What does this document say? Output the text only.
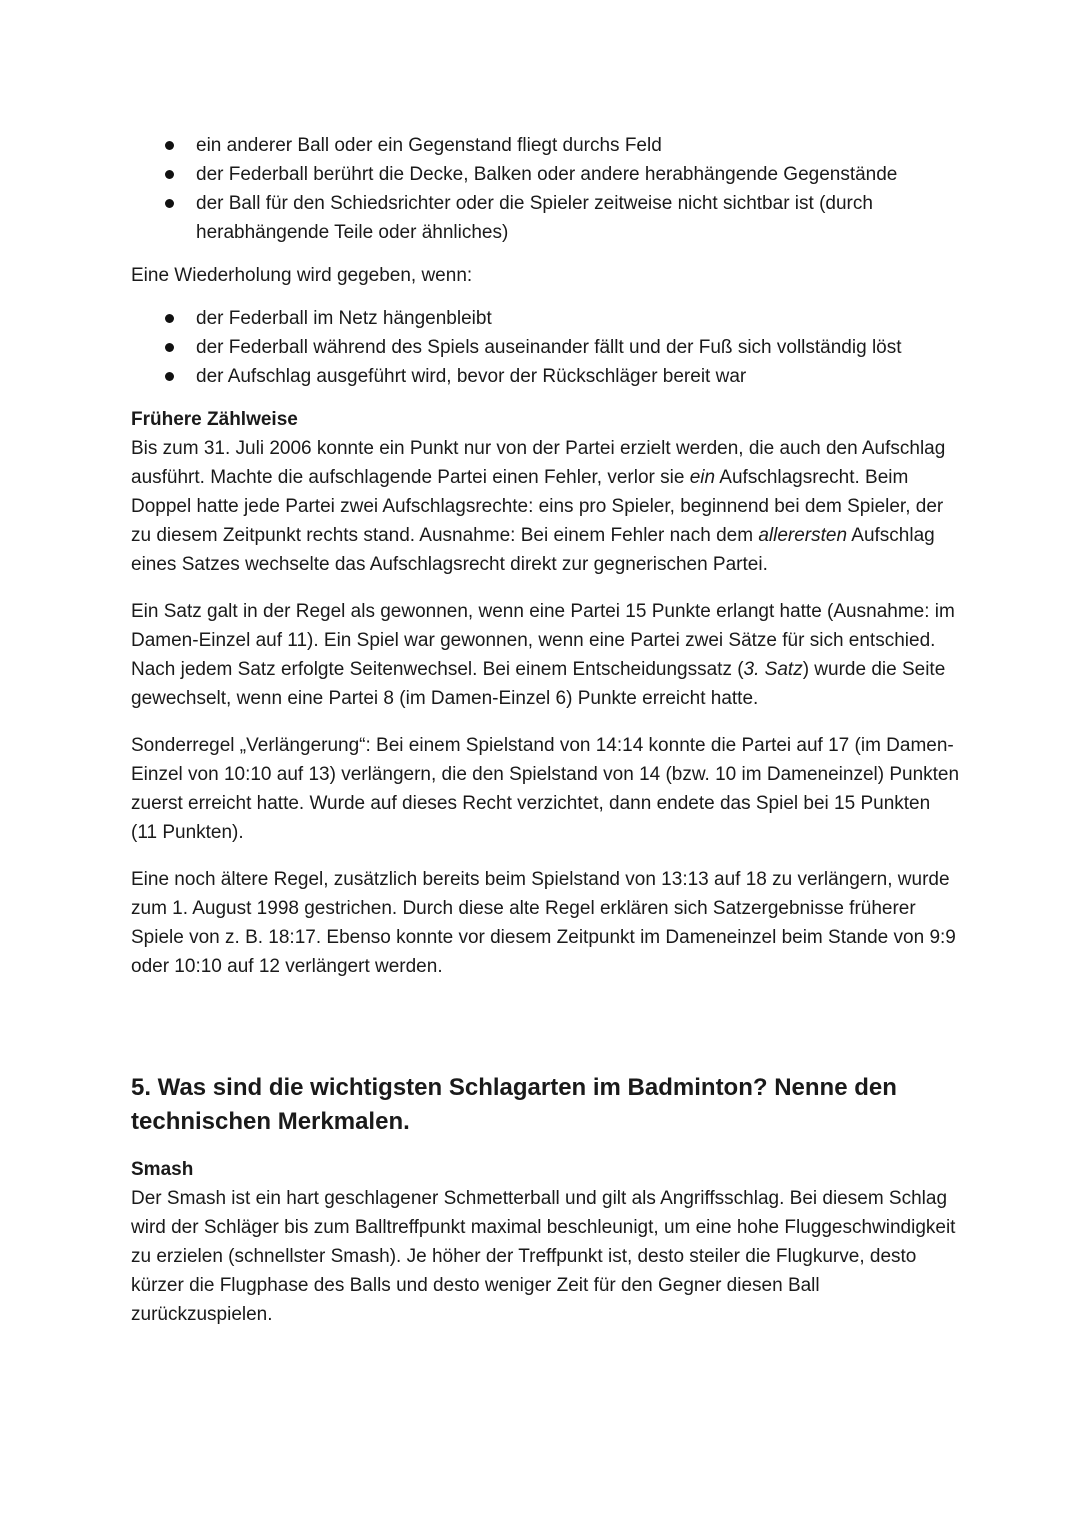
ein anderer Ball oder ein Gegenstand fliegt durchs Feld
der Federball berührt die Decke, Balken oder andere herabhängende Gegenstände
der Ball für den Schiedsrichter oder die Spieler zeitweise nicht sichtbar ist (durch herabhängende Teile oder ähnliches)

Eine Wiederholung wird gegeben, wenn:

der Federball im Netz hängenbleibt
der Federball während des Spiels auseinander fällt und der Fuß sich vollständig löst
der Aufschlag ausgeführt wird, bevor der Rückschläger bereit war

Frühere Zählweise

Bis zum 31. Juli 2006 konnte ein Punkt nur von der Partei erzielt werden, die auch den Aufschlag ausführt. Machte die aufschlagende Partei einen Fehler, verlor sie ein Aufschlagsrecht. Beim Doppel hatte jede Partei zwei Aufschlagsrechte: eins pro Spieler, beginnend bei dem Spieler, der zu diesem Zeitpunkt rechts stand. Ausnahme: Bei einem Fehler nach dem allerersten Aufschlag eines Satzes wechselte das Aufschlagsrecht direkt zur gegnerischen Partei.

Ein Satz galt in der Regel als gewonnen, wenn eine Partei 15 Punkte erlangt hatte (Ausnahme: im Damen-Einzel auf 11). Ein Spiel war gewonnen, wenn eine Partei zwei Sätze für sich entschied. Nach jedem Satz erfolgte Seitenwechsel. Bei einem Entscheidungssatz (3. Satz) wurde die Seite gewechselt, wenn eine Partei 8 (im Damen-Einzel 6) Punkte erreicht hatte.

Sonderregel „Verlängerung“: Bei einem Spielstand von 14:14 konnte die Partei auf 17 (im Damen-Einzel von 10:10 auf 13) verlängern, die den Spielstand von 14 (bzw. 10 im Dameneinzel) Punkten zuerst erreicht hatte. Wurde auf dieses Recht verzichtet, dann endete das Spiel bei 15 Punkten (11 Punkten).

Eine noch ältere Regel, zusätzlich bereits beim Spielstand von 13:13 auf 18 zu verlängern, wurde zum 1. August 1998 gestrichen. Durch diese alte Regel erklären sich Satzergebnisse früherer Spiele von z. B. 18:17. Ebenso konnte vor diesem Zeitpunkt im Dameneinzel beim Stande von 9:9 oder 10:10 auf 12 verlängert werden.

5. Was sind die wichtigsten Schlagarten im Badminton? Nenne den technischen Merkmalen.

Smash

Der Smash ist ein hart geschlagener Schmetterball und gilt als Angriffsschlag. Bei diesem Schlag wird der Schläger bis zum Balltreffpunkt maximal beschleunigt, um eine hohe Fluggeschwindigkeit zu erzielen (schnellster Smash). Je höher der Treffpunkt ist, desto steiler die Flugkurve, desto kürzer die Flugphase des Balls und desto weniger Zeit für den Gegner diesen Ball zurückzuspielen.
